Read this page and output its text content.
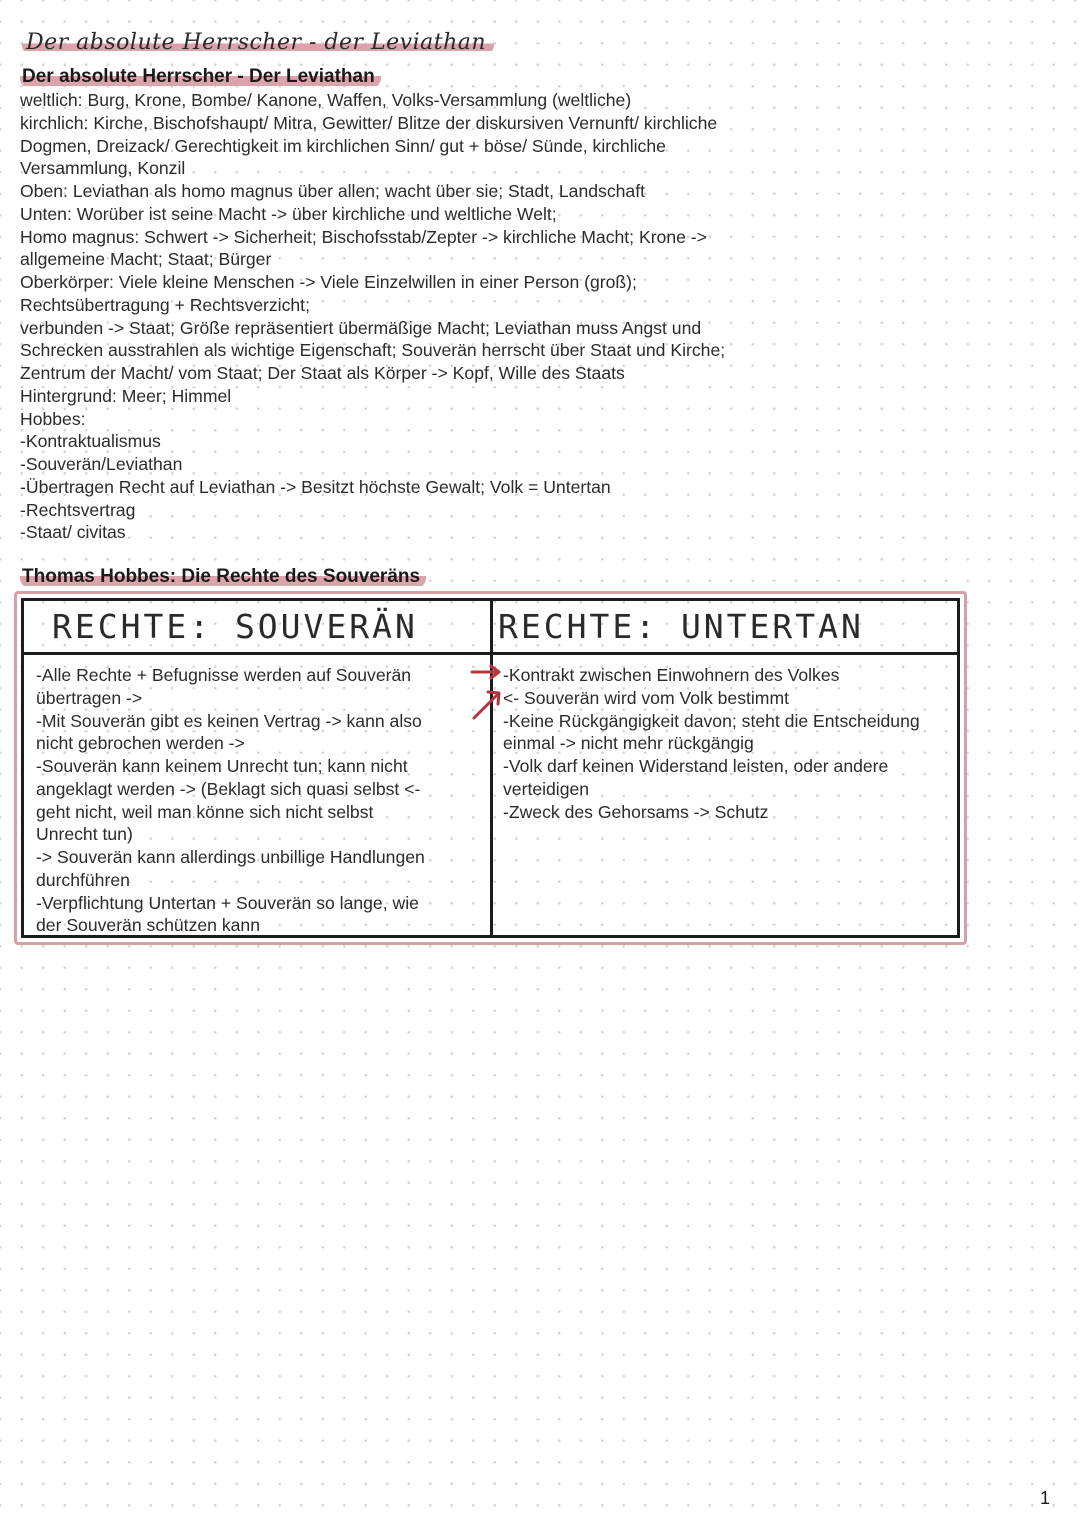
Der absolute Herrscher - der Leviathan
Der absolute Herrscher - Der Leviathan
weltlich: Burg, Krone, Bombe/ Kanone, Waffen, Volks-Versammlung (weltliche)
kirchlich: Kirche, Bischofshaupt/ Mitra, Gewitter/ Blitze der diskursiven Vernunft/ kirchliche
Dogmen, Dreizack/ Gerechtigkeit im kirchlichen Sinn/ gut + böse/ Sünde, kirchliche
Versammlung, Konzil
Oben: Leviathan als homo magnus über allen; wacht über sie; Stadt, Landschaft
Unten: Worüber ist seine Macht -> über kirchliche und weltliche Welt;
Homo magnus: Schwert -> Sicherheit; Bischofsstab/Zepter -> kirchliche Macht; Krone ->
allgemeine Macht; Staat; Bürger
Oberkörper: Viele kleine Menschen -> Viele Einzelwillen in einer Person (groß);
Rechtsübertragung + Rechtsverzicht;
verbunden -> Staat; Größe repräsentiert übermäßige Macht; Leviathan muss Angst und
Schrecken ausstrahlen als wichtige Eigenschaft; Souverän herrscht über Staat und Kirche;
Zentrum der Macht/ vom Staat; Der Staat als Körper -> Kopf, Wille des Staats
Hintergrund: Meer; Himmel
Hobbes:
-Kontraktualismus
-Souverän/Leviathan
-Übertragen Recht auf Leviathan -> Besitzt höchste Gewalt; Volk = Untertan
-Rechtsvertrag
-Staat/ civitas
Thomas Hobbes: Die Rechte des Souveräns
RECHTE: SOUVERÄN RECHTE: UNTERTAN
-Alle Rechte + Befugnisse werden auf Souverän
übertragen ->
-Mit Souverän gibt es keinen Vertrag -> kann also
nicht gebrochen werden ->
-Souverän kann keinem Unrecht tun; kann nicht
angeklagt werden -> (Beklagt sich quasi selbst <-
geht nicht, weil man könne sich nicht selbst
Unrecht tun)
-> Souverän kann allerdings unbillige Handlungen
durchführen
-Verpflichtung Untertan + Souverän so lange, wie
der Souverän schützen kann
-Kontrakt zwischen Einwohnern des Volkes
<- Souverän wird vom Volk bestimmt
-Keine Rückgängigkeit davon; steht die Entscheidung
einmal -> nicht mehr rückgängig
-Volk darf keinen Widerstand leisten, oder andere
verteidigen
-Zweck des Gehorsams -> Schutz
1
